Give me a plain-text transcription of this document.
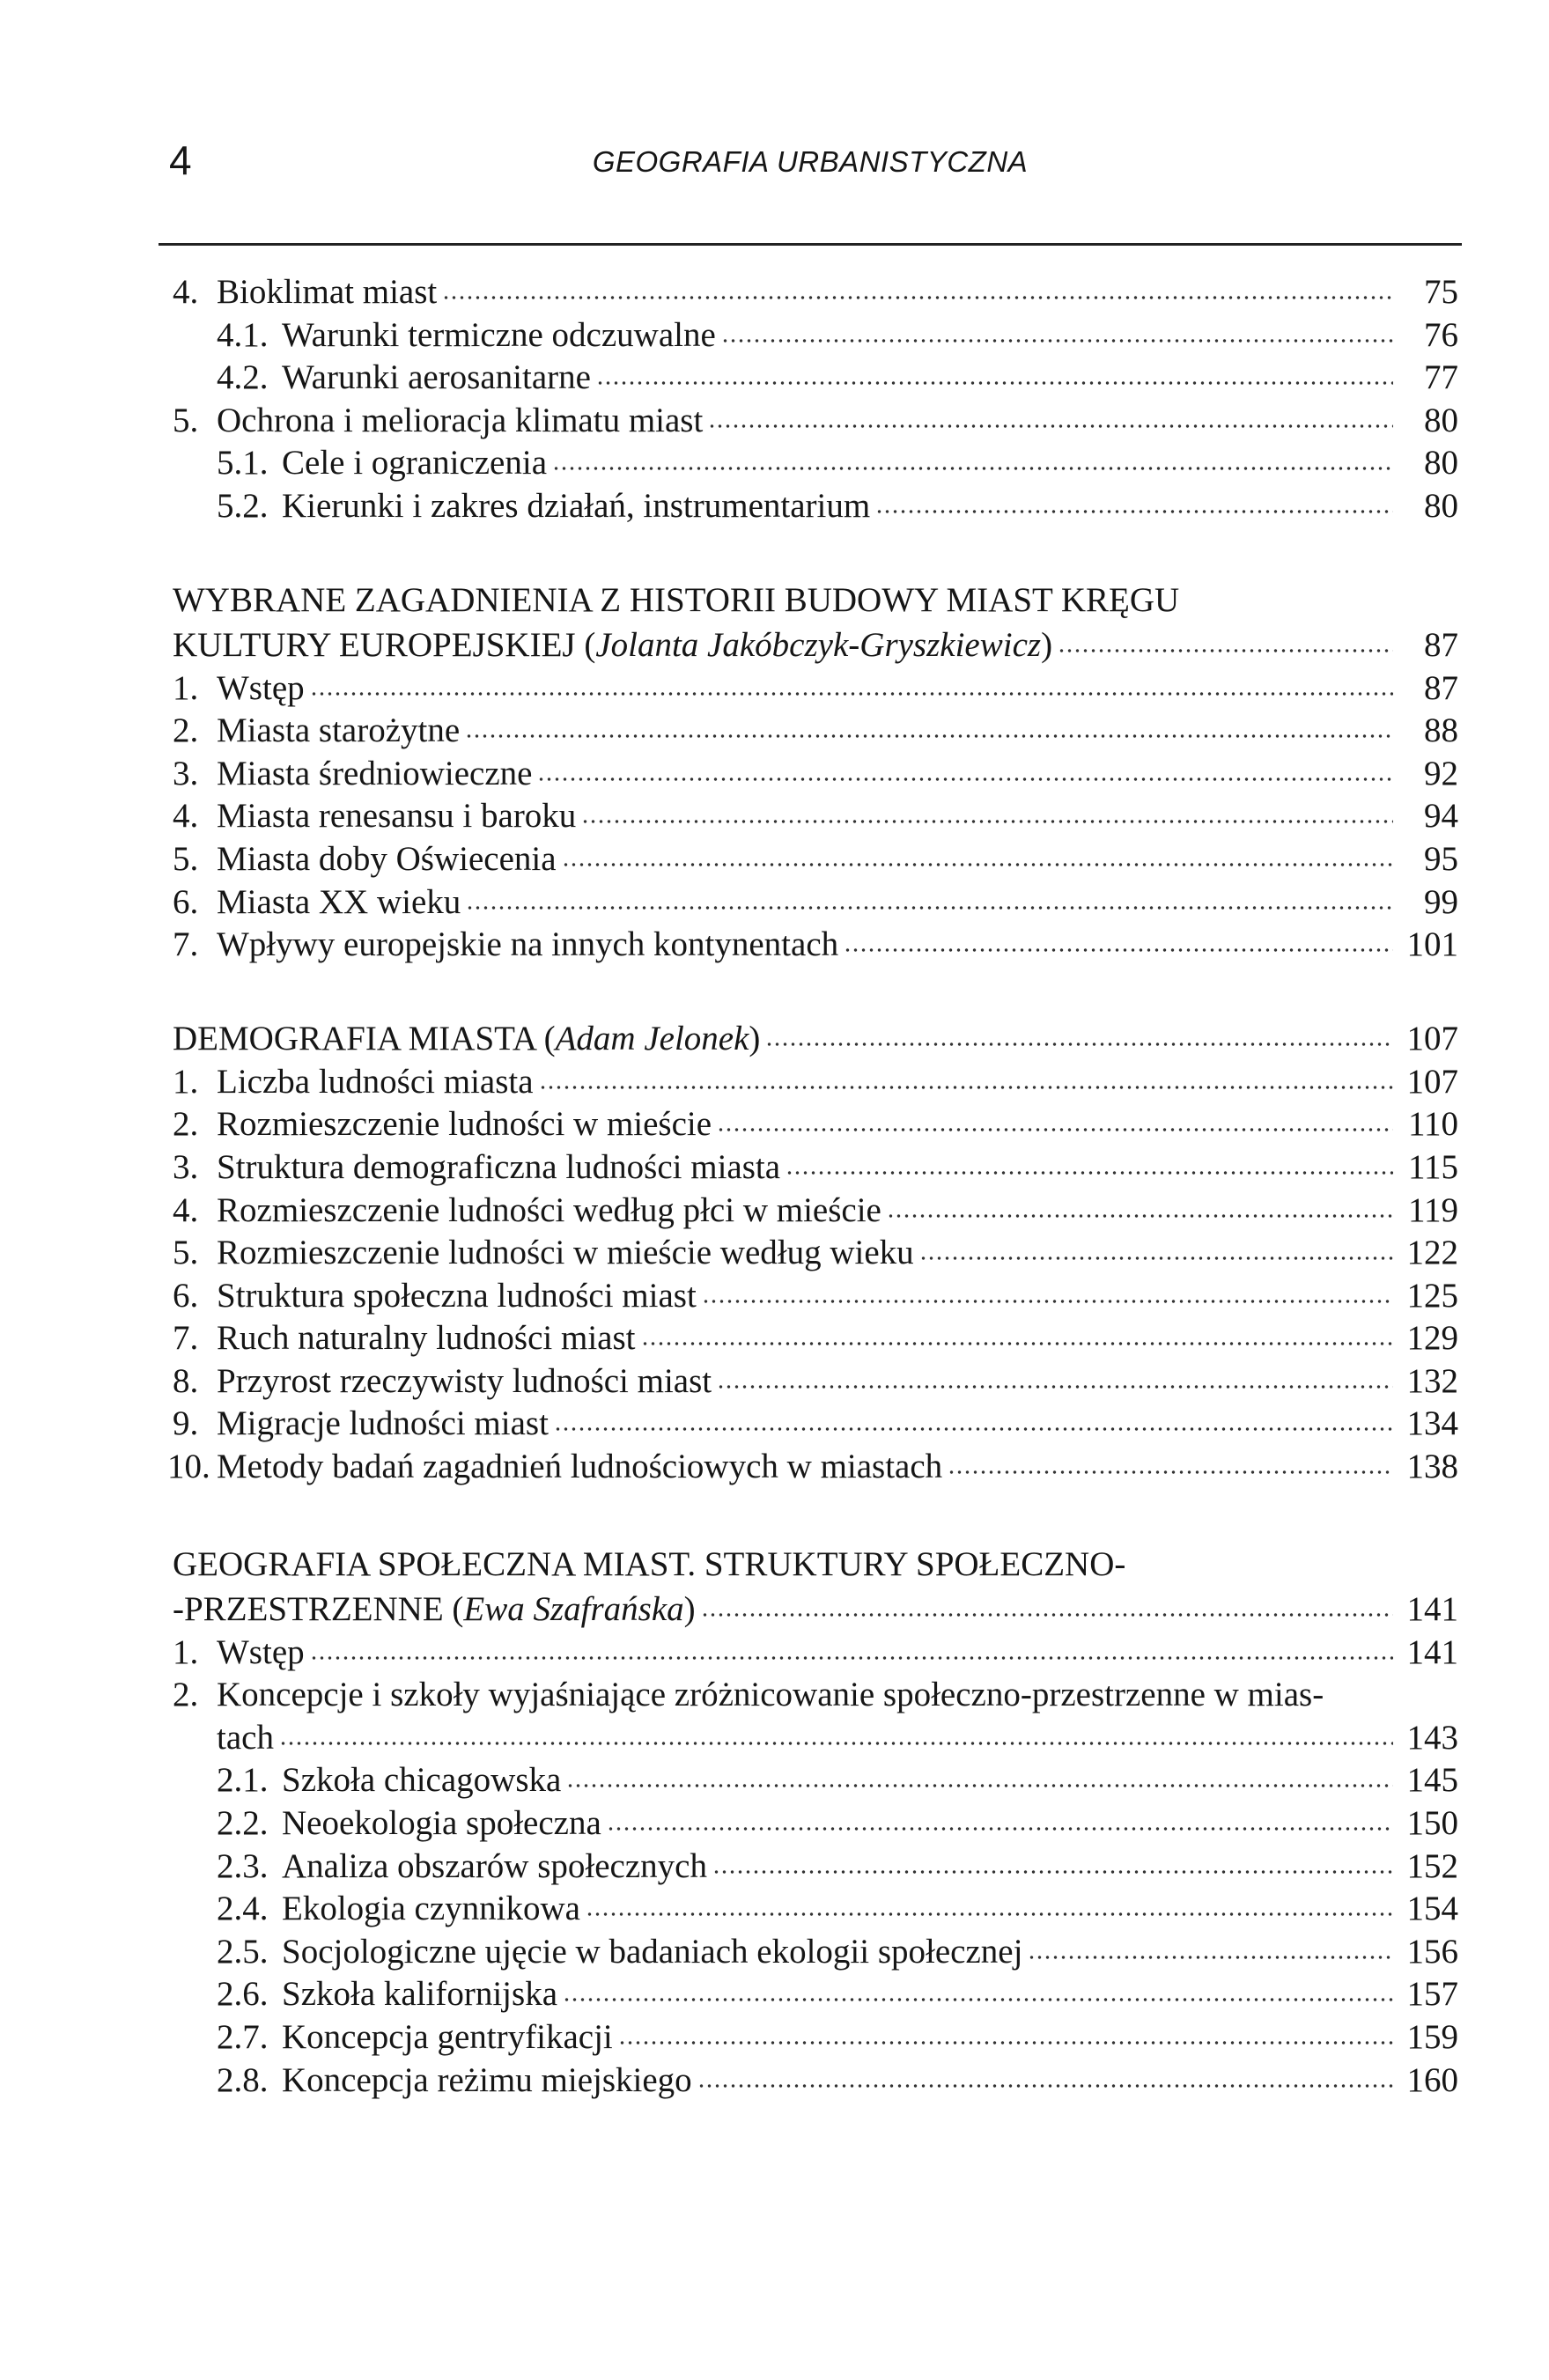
4	GEOGRAFIA URBANISTYCZNA
4. Bioklimat miast	75
4.1. Warunki termiczne odczuwalne	76
4.2. Warunki aerosanitarne	77
5. Ochrona i melioracja klimatu miast	80
5.1. Cele i ograniczenia	80
5.2. Kierunki i zakres działań, instrumentarium	80
WYBRANE ZAGADNIENIA Z HISTORII BUDOWY MIAST KRĘGU
KULTURY EUROPEJSKIEJ (Jolanta Jakóbczyk-Gryszkiewicz)	87
1. Wstęp	87
2. Miasta starożytne	88
3. Miasta średniowieczne	92
4. Miasta renesansu i baroku	94
5. Miasta doby Oświecenia	95
6. Miasta XX wieku	99
7. Wpływy europejskie na innych kontynentach	101
DEMOGRAFIA MIASTA (Adam Jelonek)	107
1. Liczba ludności miasta	107
2. Rozmieszczenie ludności w mieście	110
3. Struktura demograficzna ludności miasta	115
4. Rozmieszczenie ludności według płci w mieście	119
5. Rozmieszczenie ludności w mieście według wieku	122
6. Struktura społeczna ludności miast	125
7. Ruch naturalny ludności miast	129
8. Przyrost rzeczywisty ludności miast	132
9. Migracje ludności miast	134
10. Metody badań zagadnień ludnościowych w miastach	138
GEOGRAFIA SPOŁECZNA MIAST. STRUKTURY SPOŁECZNO-
-PRZESTRZENNE (Ewa Szafrańska)	141
1. Wstęp	141
2. Koncepcje i szkoły wyjaśniające zróżnicowanie społeczno-przestrzenne w mias-
tach	143
2.1. Szkoła chicagowska	145
2.2. Neoekologia społeczna	150
2.3. Analiza obszarów społecznych	152
2.4. Ekologia czynnikowa	154
2.5. Socjologiczne ujęcie w badaniach ekologii społecznej	156
2.6. Szkoła kalifornijska	157
2.7. Koncepcja gentryfikacji	159
2.8. Koncepcja reżimu miejskiego	160
